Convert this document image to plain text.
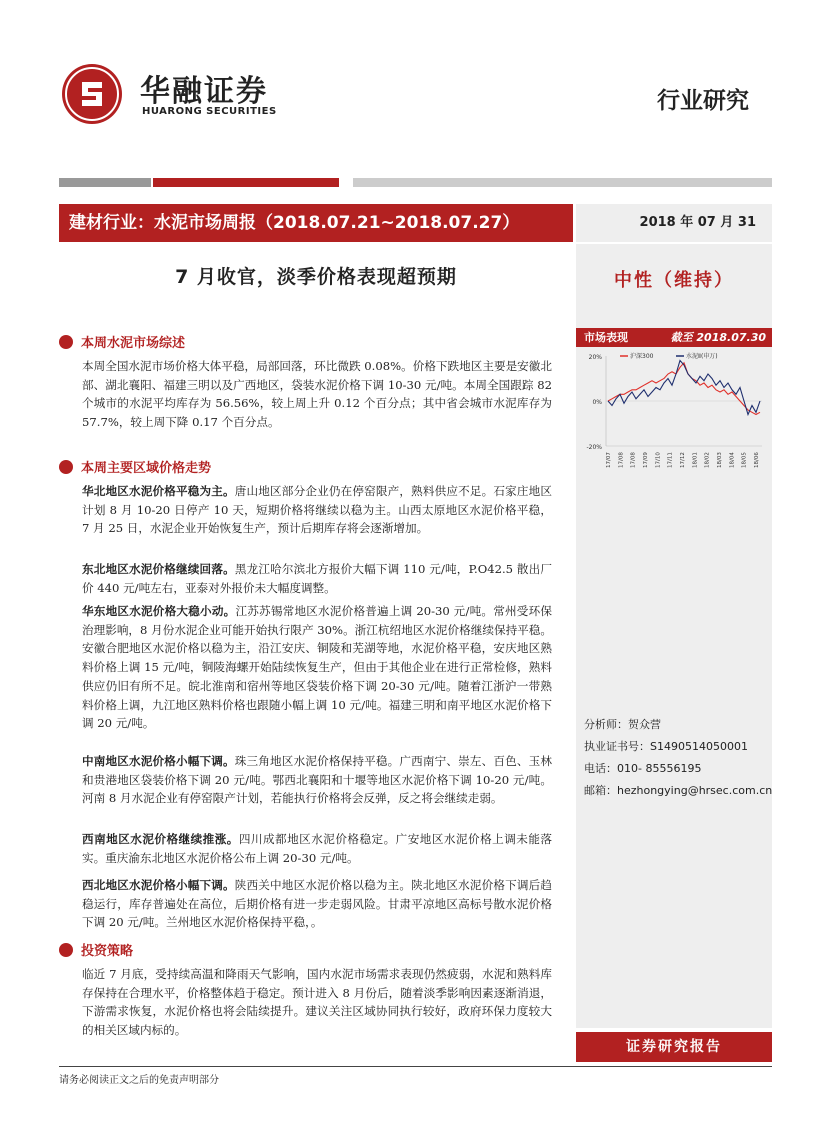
华融证券
HUARONG SECURITIES	行业研究
建材行业：水泥市场周报（2018.07.21~2018.07.27）	2018 年 07 月 31
7 月收官，淡季价格表现超预期	中性（维持）
市场表现	截至 2018.07.30
20%
0%
-20%
17/07 17/08 17/08 17/09 17/10 17/11 17/12 18/01 18/02 18/03 18/04 18/05 18/06
沪深300	水泥Ⅱ(申万)
分析师：贺众营
执业证书号：S1490514050001
电话：010- 85556195
邮箱：hezhongying@hrsec.com.cn
本周水泥市场综述

本周全国水泥市场价格大体平稳，局部回落，环比微跌 0.08%。价格下跌地区主要是安徽北部、湖北襄阳、福建三明以及广西地区，袋装水泥价格下调 10-30 元/吨。本周全国跟踪 82 个城市的水泥平均库存为 56.56%，较上周上升 0.12 个百分点；其中省会城市水泥库存为 57.7%，较上周下降 0.17 个百分点。

本周主要区域价格走势

华北地区水泥价格平稳为主。唐山地区部分企业仍在停窑限产，熟料供应不足。石家庄地区计划 8 月 10-20 日停产 10 天，短期价格将继续以稳为主。山西太原地区水泥价格平稳， 7 月 25 日，水泥企业开始恢复生产，预计后期库存将会逐渐增加。

东北地区水泥价格继续回落。黑龙江哈尔滨北方报价大幅下调 110 元/吨，P.O42.5 散出厂价 440 元/吨左右，亚泰对外报价未大幅度调整。

华东地区水泥价格大稳小动。江苏苏锡常地区水泥价格普遍上调 20-30 元/吨。常州受环保治理影响，8 月份水泥企业可能开始执行限产 30%。浙江杭绍地区水泥价格继续保持平稳。安徽合肥地区水泥价格以稳为主，沿江安庆、铜陵和芜湖等地，水泥价格平稳，安庆地区熟料价格上调 15 元/吨，铜陵海螺开始陆续恢复生产，但由于其他企业在进行正常检修，熟料供应仍旧有所不足。皖北淮南和宿州等地区袋装价格下调 20-30 元/吨。随着江浙沪一带熟料价格上调，九江地区熟料价格也跟随小幅上调 10 元/吨。福建三明和南平地区水泥价格下调 20 元/吨。

中南地区水泥价格小幅下调。珠三角地区水泥价格保持平稳。广西南宁、崇左、百色、玉林和贵港地区袋装价格下调 20 元/吨。鄂西北襄阳和十堰等地区水泥价格下调 10-20 元/吨。 河南 8 月水泥企业有停窑限产计划，若能执行价格将会反弹，反之将会继续走弱。

西南地区水泥价格继续推涨。四川成都地区水泥价格稳定。广安地区水泥价格上调未能落实。重庆渝东北地区水泥价格公布上调 20-30 元/吨。

西北地区水泥价格小幅下调。陕西关中地区水泥价格以稳为主。陕北地区水泥价格下调后趋稳运行，库存普遍处在高位，后期价格有进一步走弱风险。甘肃平凉地区高标号散水泥价格下调 20 元/吨。兰州地区水泥价格保持平稳，。

投资策略

临近 7 月底，受持续高温和降雨天气影响，国内水泥市场需求表现仍然疲弱，水泥和熟料库存保持在合理水平，价格整体趋于稳定。预计进入 8 月份后，随着淡季影响因素逐渐消退，下游需求恢复，水泥价格也将会陆续提升。建议关注区域协同执行较好，政府环保力度较大的相关区域内标的。

证券研究报告
请务必阅读正文之后的免责声明部分
